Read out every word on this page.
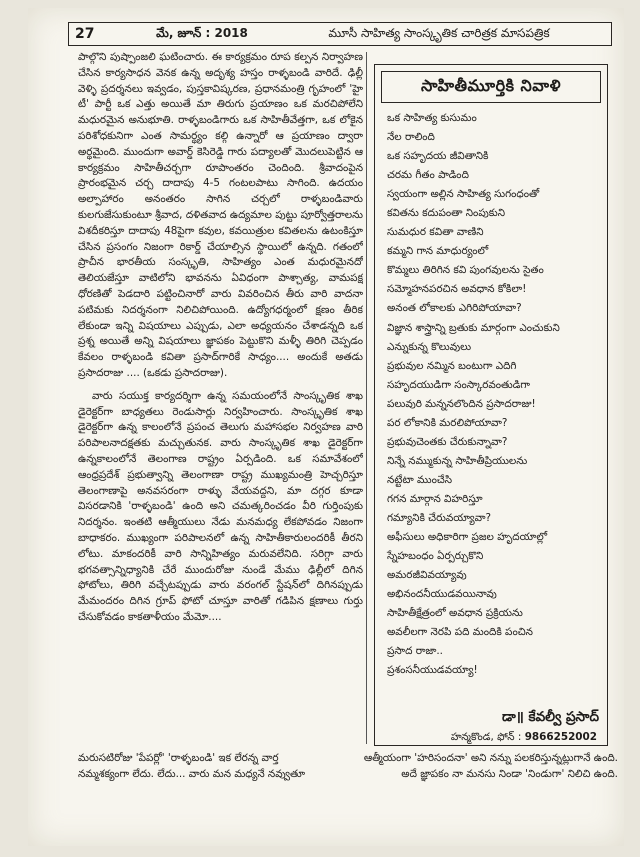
27	మే, జూన్ : 2018	మూసీ సాహిత్య సాంస్కృతిక చారిత్రక మాసపత్రిక

పాల్గొని పుష్పాంజలి ఘటించారు. ఈ కార్యక్రమం రూప కల్పన నిర్వాహణ చేసిన కార్యసాధన వెనక ఉన్న అదృశ్య హస్తం రాళ్ళబండి వారిదే. ఢిల్లీ వెళ్ళి ప్రదర్శనలు ఇవ్వడం, పుస్తకావిష్కరణ, ప్రధానమంత్రి గృహంలో 'హై టీ' పార్టీ ఒక ఎత్తు అయితే మా తిరుగు ప్రయాణం ఒక మరచిపోలేని మధురమైన అనుభూతి. రాళ్ళబండిగారు ఒక సాహితీవేత్తగా, ఒక లోకైన పరిశోధకునిగా ఎంత సామర్థ్యం కల్గి ఉన్నారో ఆ ప్రయాణం ద్వారా అర్థమైంది. ముందుగా అవార్డ్ కెసిరెడ్డి గారు పద్యాలతో మొదలుపెట్టిన ఆ కార్యక్రమం సాహితీచర్చగా రూపాంతరం చెందింది. శ్రీవాదంపైన ప్రారంభమైన చర్చ దాదాపు 4-5 గంటలపాటు సాగింది. ఉదయం అల్పాహారం అనంతరం సాగిన చర్చలో రాళ్ళబండివారు కులగుజేసుకుంటూ శ్రీవాద, దళితవాద ఉద్యమాల పుట్టు పూర్వోత్తరాలను విశదీకరిస్తూ దాదాపు 48పైగా కవుల, కవయిత్రుల కవితలను ఉటంకిస్తూ చేసిన ప్రసంగం నిజంగా రికార్డ్ చేయాల్సిన స్థాయిలో ఉన్నది. గతంలో ప్రాచీన భారతీయ సంస్కృతి, సాహిత్యం ఎంత మధురమైనదో తెలియజేస్తూ వాటిలోని భావనను ఏవిధంగా పాశ్చాత్య, వామపక్ష ధోరణితో పెడదారి పట్టించినారో వారు వివరించిన తీరు వారి వాదనా పటిమకు నిదర్శనంగా నిలిచిపోయింది. ఉద్యోగధర్మంలో క్షణం తీరిక లేకుండా ఇన్ని విషయాలు ఎప్పుడు, ఎలా అధ్యయనం చేశాడన్నది ఒక ప్రశ్న అయితే అన్ని విషయాలు జ్ఞాపకం పెట్టుకొని మళ్ళీ తిరిగి చెప్పడం కేవలం రాళ్ళబండి కవితా ప్రసాద్‌గారికే సాధ్యం.... అందుకే అతడు ప్రసాదరాజు .... (ఒకడు ప్రసాదరాజు).

వారు సయుక్త కార్యదర్శిగా ఉన్న సమయంలోనే సాంస్కృతిక శాఖ డైరెక్టర్‌గా బాధ్యతలు రెండుసార్లు నిర్వహించారు. సాంస్కృతిక శాఖ డైరెక్టర్‌గా ఉన్న కాలంలోనే ప్రపంచ తెలుగు మహాసభల నిర్వహణ వారి పరిపాలనాదక్షతకు మచ్చుతునక. వారు సాంస్కృతిక శాఖ డైరెక్టర్‌గా ఉన్నకాలంలోనే తెలంగాణ రాష్ట్రం ఏర్పడింది. ఒక సమావేశంలో ఆంధ్రప్రదేశ్ ప్రభుత్వాన్ని తెలంగాణా రాష్ట్ర ముఖ్యమంత్రి హెచ్చరిస్తూ తెలంగాణాపై అనవసరంగా రాళ్ళు వేయవద్దని, మా దగ్గర కూడా విసరడానికి 'రాళ్ళబండి' ఉంది అని చమత్కరించడం వీరి గుర్తింపుకు నిదర్శనం. ఇంతటి ఆత్మీయులు నేడు మనమధ్య లేకపోవడం నిజంగా బాధాకరం. ముఖ్యంగా పరిపాలనలో ఉన్న సాహితీకారులందరికీ తీరని లోటు. మాకందరికీ వారి సాన్నిహిత్యం మరువలేనిది. సరిగ్గా వారు భగవత్సాన్నిధ్యానికి చేరే ముందురోజు నుండే మేము ఢిల్లీలో దిగిన ఫోటోలు, తిరిగి వచ్చేటప్పుడు వారు వరంగల్ స్టేషన్‌లో దిగినప్పుడు మేమందరం దిగిన గ్రూప్ ఫోటో చూస్తూ వారితో గడిపిన క్షణాలు గుర్తు చేసుకోవడం కాకతాళీయం మేమో....

సాహితీమూర్తికి నివాళి
ఒక సాహిత్య కుసుమం
నేల రాలింది
ఒక సహృదయ జీవితానికి
చరమ గీతం పాడింది
స్వయంగా అల్లిన సాహిత్య సుగంధంతో
కవితను కదుపంతా నింపుకుని
సుమధుర కవితా వాణిని
కమ్మని గాన మాధుర్యంలో
కొమ్మలు తిరిగిన కవి పుంగవులను సైతం
సమ్మోహనపరచిన అవధాన కోకిలా!
అనంత లోకాలకు ఎగిరిపోయావా?
విజ్ఞాన శాస్త్రాన్ని బ్రతుకు మార్గంగా ఎంచుకుని
ఎన్నుకున్న కొలువులు
ప్రభువుల నమ్మిన బంటుగా ఎదిగి
సహృదయుడిగా సంస్కారవంతుడిగా
పలువురి మన్ననలొందిన ప్రసాదరాజు!
పర లోకానికి మరలిపోయావా?
ప్రభువుచెంతకు చేరుకున్నావా?
నిన్నే నమ్ముకున్న సాహితీప్రియులను
నట్టేటా ముంచేసి
గగన మార్గాన విహరిస్తూ
గమ్యానికి చేరువయ్యావా?
అఫీసులు అధికారిగా ప్రజల హృదయాల్లో
స్నేహబంధం ఏర్పర్చుకొని
అమరజీవివయ్యావు
అభినందనీయుడవయినావు
సాహితీక్షేత్రంలో అవధాన ప్రక్రియను
అవలీలగా నెరపి పది మందికి పంచిన
ప్రసాద రాజా..
ప్రశంసనీయుడవయ్యా!
డా॥ కేవల్వీ ప్రసాద్
హన్మకొండ, ఫోన్ : 9866252002
మరుసటిరోజు 'పేపర్లో' 'రాళ్ళబండి' ఇక లేరన్న వార్త	ఆత్మీయంగా 'హరిసందనా' అని నన్ను పలకరిస్తున్నట్లుగానే ఉంది.
నమ్మశక్యంగా లేదు. లేదు... వారు మన మధ్యనే నవ్వుతూ	అదే జ్ఞాపకం నా మనసు నిండా 'నిండుగా' నిలిచి ఉంది.
